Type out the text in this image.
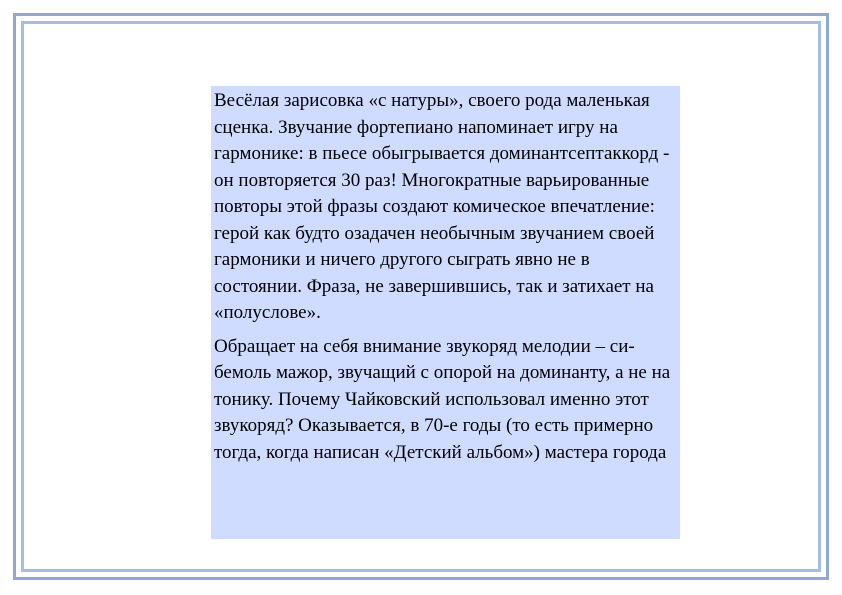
Весёлая зарисовка «с натуры», своего рода маленькая сценка. Звучание фортепиано напоминает игру на гармонике: в пьесе обыгрывается доминантсептаккорд - он повторяется 30 раз! Многократные варьированные повторы этой фразы создают комическое впечатление: герой как будто озадачен необычным звучанием своей гармоники и ничего другого сыграть явно не в состоянии. Фраза, не завершившись, так и затихает на «полуслове».

Обращает на себя внимание звукоряд мелодии – си-бемоль мажор, звучащий с опорой на доминанту, а не на тонику. Почему Чайковский использовал именно этот звукоряд? Оказывается, в 70-е годы (то есть примерно тогда, когда написан «Детский альбом») мастера города
